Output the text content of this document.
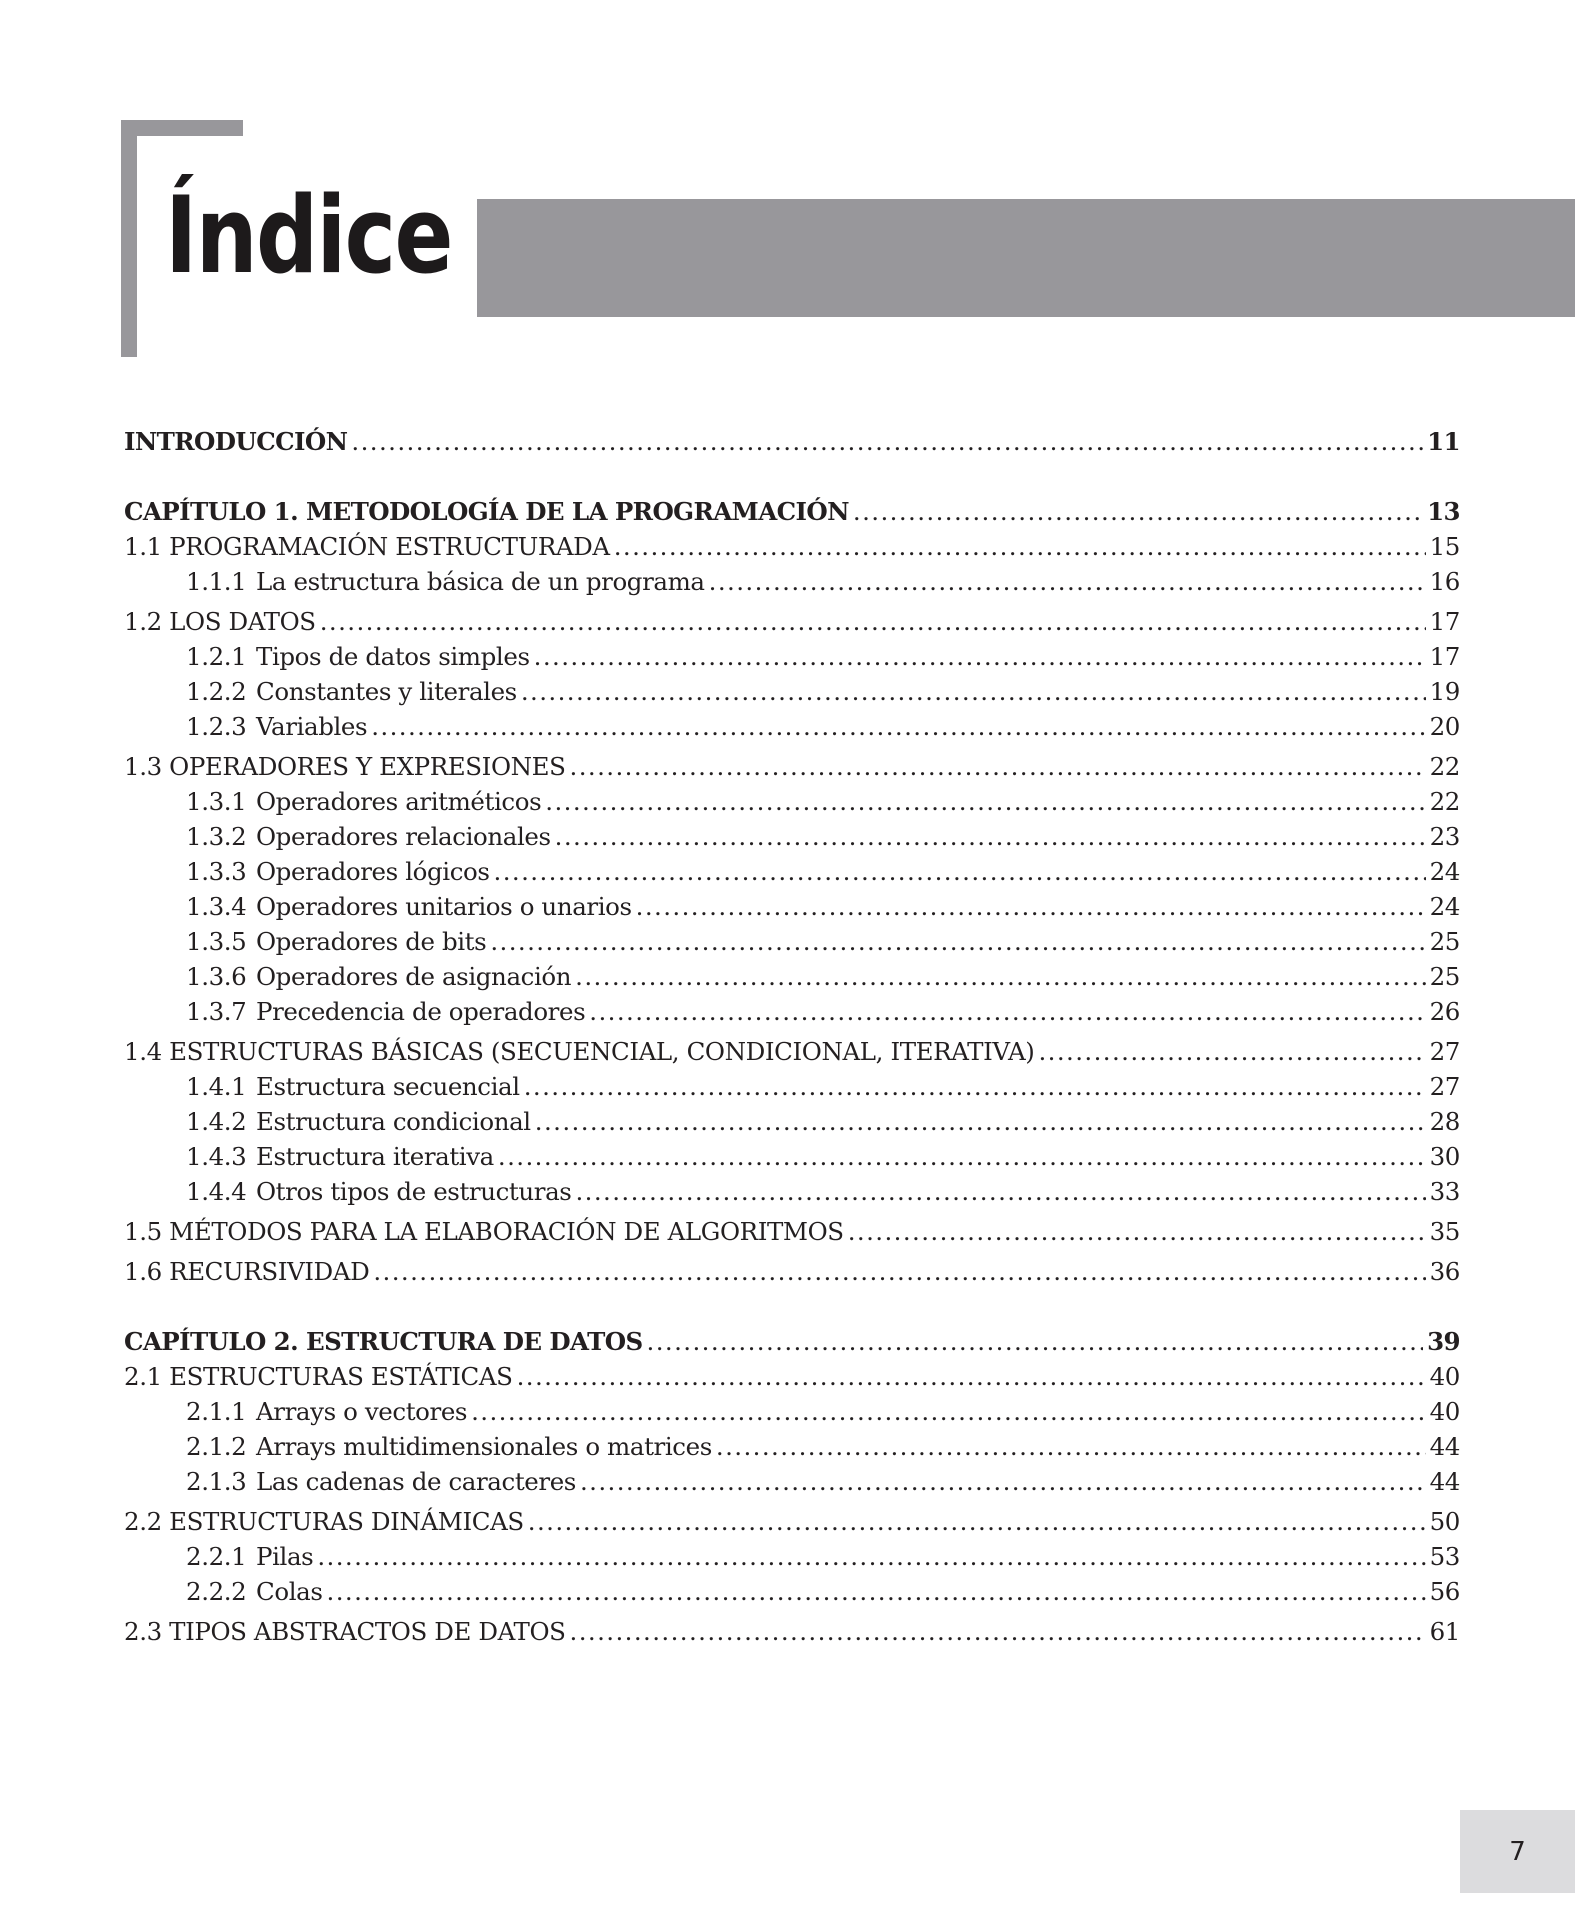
Índice
INTRODUCCIÓN .....	11
CAPÍTULO 1. METODOLOGÍA DE LA PROGRAMACIÓN .....	13
1.1 PROGRAMACIÓN ESTRUCTURADA .....	15
1.1.1 La estructura básica de un programa .....	16
1.2 LOS DATOS .....	17
1.2.1 Tipos de datos simples .....	17
1.2.2 Constantes y literales .....	19
1.2.3 Variables .....	20
1.3 OPERADORES Y EXPRESIONES .....	22
1.3.1 Operadores aritméticos .....	22
1.3.2 Operadores relacionales .....	23
1.3.3 Operadores lógicos .....	24
1.3.4 Operadores unitarios o unarios .....	24
1.3.5 Operadores de bits .....	25
1.3.6 Operadores de asignación .....	25
1.3.7 Precedencia de operadores .....	26
1.4 ESTRUCTURAS BÁSICAS (SECUENCIAL, CONDICIONAL, ITERATIVA) .....	27
1.4.1 Estructura secuencial .....	27
1.4.2 Estructura condicional .....	28
1.4.3 Estructura iterativa .....	30
1.4.4 Otros tipos de estructuras .....	33
1.5 MÉTODOS PARA LA ELABORACIÓN DE ALGORITMOS .....	35
1.6 RECURSIVIDAD .....	36
CAPÍTULO 2. ESTRUCTURA DE DATOS .....	39
2.1 ESTRUCTURAS ESTÁTICAS .....	40
2.1.1 Arrays o vectores .....	40
2.1.2 Arrays multidimensionales o matrices .....	44
2.1.3 Las cadenas de caracteres .....	44
2.2 ESTRUCTURAS DINÁMICAS .....	50
2.2.1 Pilas .....	53
2.2.2 Colas .....	56
2.3 TIPOS ABSTRACTOS DE DATOS .....	61
7
